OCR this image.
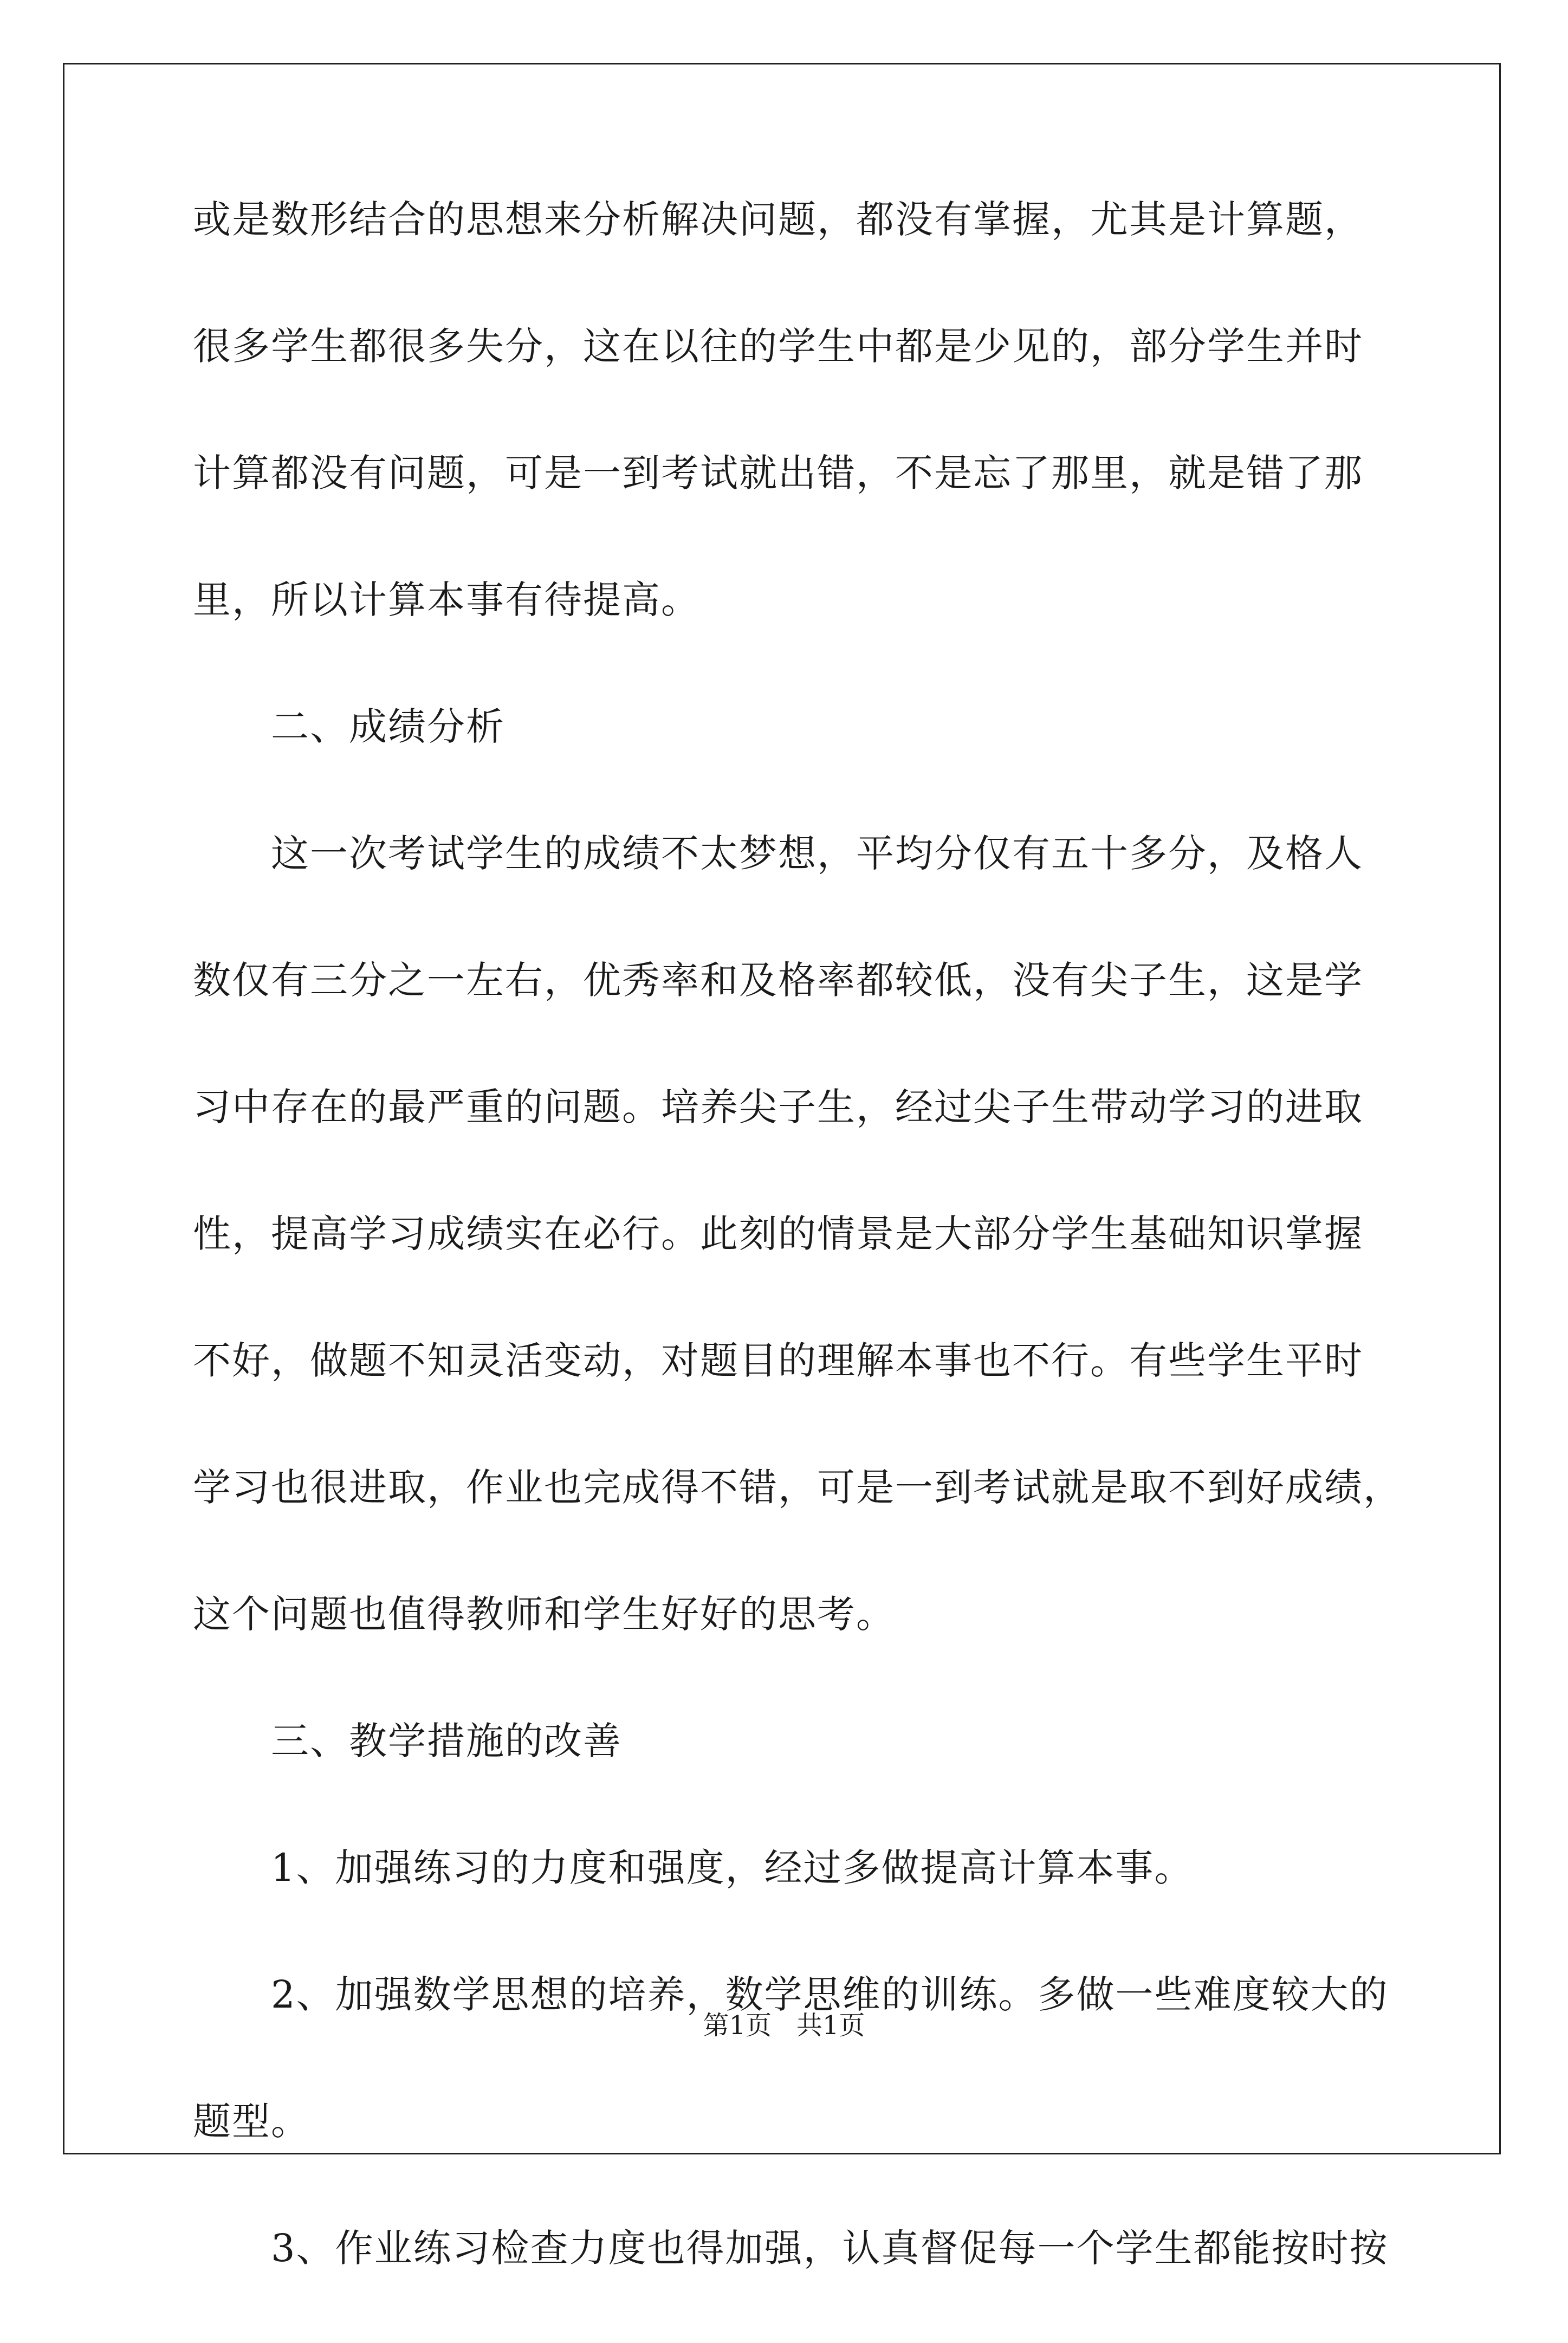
或是数形结合的思想来分析解决问题，都没有掌握，尤其是计算题，
很多学生都很多失分，这在以往的学生中都是少见的，部分学生并时
计算都没有问题，可是一到考试就出错，不是忘了那里，就是错了那
里，所以计算本事有待提高。
二、成绩分析
这一次考试学生的成绩不太梦想，平均分仅有五十多分，及格人
数仅有三分之一左右，优秀率和及格率都较低，没有尖子生，这是学
习中存在的最严重的问题。培养尖子生，经过尖子生带动学习的进取
性，提高学习成绩实在必行。此刻的情景是大部分学生基础知识掌握
不好，做题不知灵活变动，对题目的理解本事也不行。有些学生平时
学习也很进取，作业也完成得不错，可是一到考试就是取不到好成绩，
这个问题也值得教师和学生好好的思考。
三、教学措施的改善
1、加强练习的力度和强度，经过多做提高计算本事。
2、加强数学思想的培养，数学思维的训练。多做一些难度较大的
题型。
3、作业练习检查力度也得加强，认真督促每一个学生都能按时按
第1页   共1页
